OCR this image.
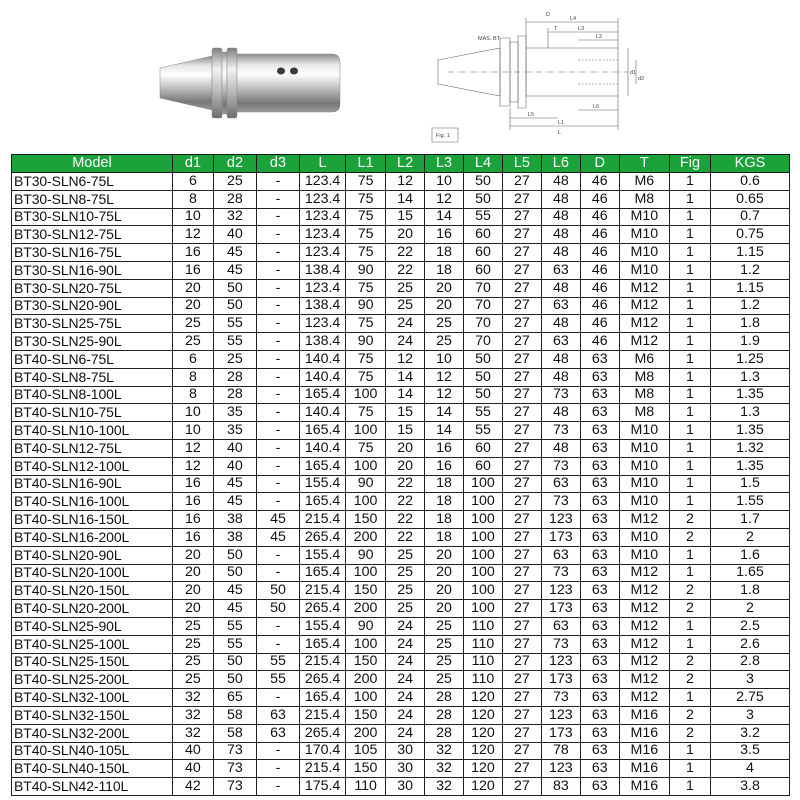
MAS. BT
D
L4
T	L3
L2
d1
d2
L6
L5
L1
L
Fig. 1
Model	d1	d2	d3	L	L1	L2	L3	L4	L5	L6	D	T	Fig	KGS
BT30-SLN6-75L	6	25	-	123.4	75	12	10	50	27	48	46	M6	1	0.6
BT30-SLN8-75L	8	28	-	123.4	75	14	12	50	27	48	46	M8	1	0.65
BT30-SLN10-75L	10	32	-	123.4	75	15	14	55	27	48	46	M10	1	0.7
BT30-SLN12-75L	12	40	-	123.4	75	20	16	60	27	48	46	M10	1	0.75
BT30-SLN16-75L	16	45	-	123.4	75	22	18	60	27	48	46	M10	1	1.15
BT30-SLN16-90L	16	45	-	138.4	90	22	18	60	27	63	46	M10	1	1.2
BT30-SLN20-75L	20	50	-	123.4	75	25	20	70	27	48	46	M12	1	1.15
BT30-SLN20-90L	20	50	-	138.4	90	25	20	70	27	63	46	M12	1	1.2
BT30-SLN25-75L	25	55	-	123.4	75	24	25	70	27	48	46	M12	1	1.8
BT30-SLN25-90L	25	55	-	138.4	90	24	25	70	27	63	46	M12	1	1.9
BT40-SLN6-75L	6	25	-	140.4	75	12	10	50	27	48	63	M6	1	1.25
BT40-SLN8-75L	8	28	-	140.4	75	14	12	50	27	48	63	M8	1	1.3
BT40-SLN8-100L	8	28	-	165.4	100	14	12	50	27	73	63	M8	1	1.35
BT40-SLN10-75L	10	35	-	140.4	75	15	14	55	27	48	63	M8	1	1.3
BT40-SLN10-100L	10	35	-	165.4	100	15	14	55	27	73	63	M10	1	1.35
BT40-SLN12-75L	12	40	-	140.4	75	20	16	60	27	48	63	M10	1	1.32
BT40-SLN12-100L	12	40	-	165.4	100	20	16	60	27	73	63	M10	1	1.35
BT40-SLN16-90L	16	45	-	155.4	90	22	18	100	27	63	63	M10	1	1.5
BT40-SLN16-100L	16	45	-	165.4	100	22	18	100	27	73	63	M10	1	1.55
BT40-SLN16-150L	16	38	45	215.4	150	22	18	100	27	123	63	M12	2	1.7
BT40-SLN16-200L	16	38	45	265.4	200	22	18	100	27	173	63	M10	2	2
BT40-SLN20-90L	20	50	-	155.4	90	25	20	100	27	63	63	M10	1	1.6
BT40-SLN20-100L	20	50	-	165.4	100	25	20	100	27	73	63	M12	1	1.65
BT40-SLN20-150L	20	45	50	215.4	150	25	20	100	27	123	63	M12	2	1.8
BT40-SLN20-200L	20	45	50	265.4	200	25	20	100	27	173	63	M12	2	2
BT40-SLN25-90L	25	55	-	155.4	90	24	25	110	27	63	63	M12	1	2.5
BT40-SLN25-100L	25	55	-	165.4	100	24	25	110	27	73	63	M12	1	2.6
BT40-SLN25-150L	25	50	55	215.4	150	24	25	110	27	123	63	M12	2	2.8
BT40-SLN25-200L	25	50	55	265.4	200	24	25	110	27	173	63	M12	2	3
BT40-SLN32-100L	32	65	-	165.4	100	24	28	120	27	73	63	M12	1	2.75
BT40-SLN32-150L	32	58	63	215.4	150	24	28	120	27	123	63	M16	2	3
BT40-SLN32-200L	32	58	63	265.4	200	24	28	120	27	173	63	M16	2	3.2
BT40-SLN40-105L	40	73	-	170.4	105	30	32	120	27	78	63	M16	1	3.5
BT40-SLN40-150L	40	73	-	215.4	150	30	32	120	27	123	63	M16	1	4
BT40-SLN42-110L	42	73	-	175.4	110	30	32	120	27	83	63	M16	1	3.8
